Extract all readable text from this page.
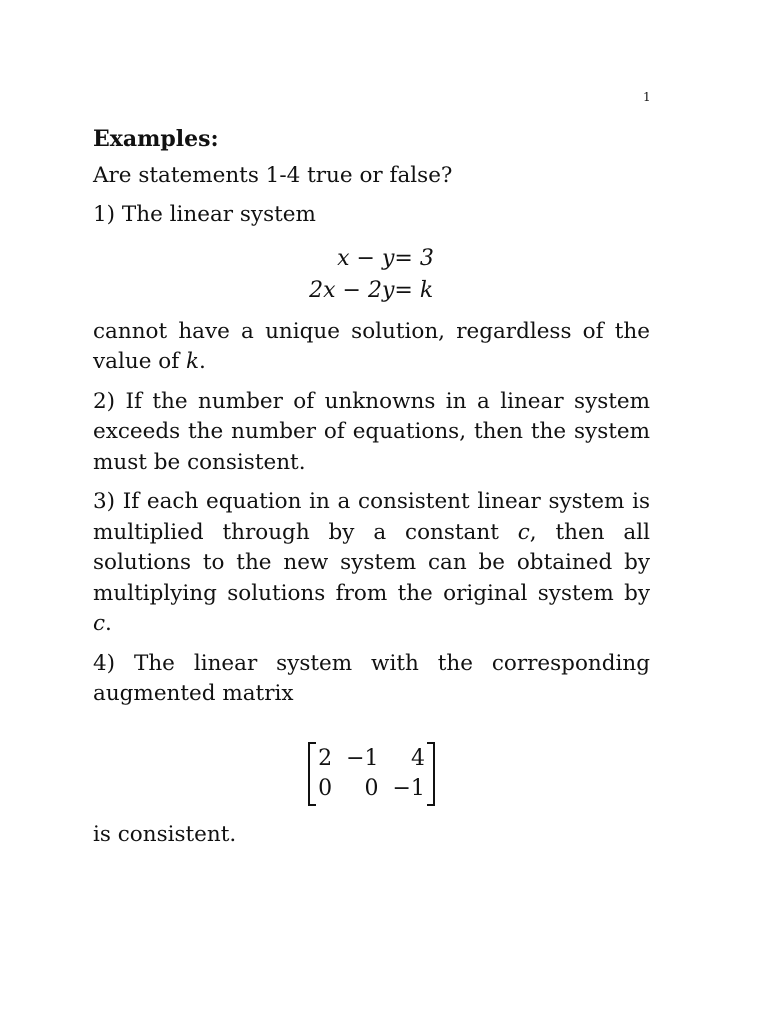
1
Examples:

Are statements 1-4 true or false?

1) The linear system

x − y = 3
2x − 2y = k

cannot have a unique solution, regardless of the value of k.

2) If the number of unknowns in a linear system exceeds the number of equations, then the system must be consistent.

3) If each equation in a consistent linear system is multiplied through by a constant c, then all solutions to the new system can be obtained by multiplying solutions from the original system by c.

4) The linear system with the corresponding augmented matrix

2 −1	4
0	0 −1

is consistent.
